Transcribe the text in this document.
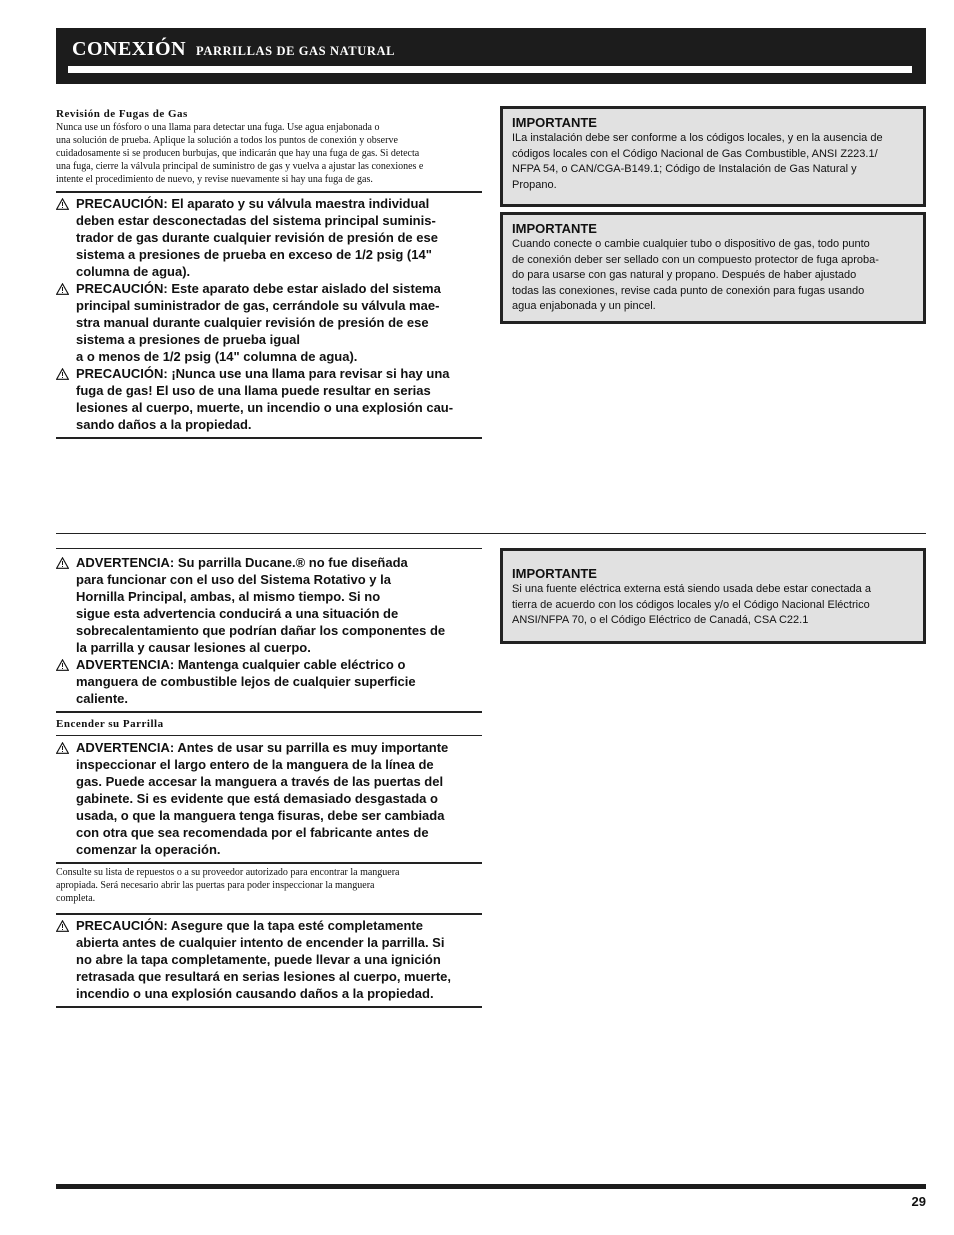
CONEXIÓN PARRILLAS DE GAS NATURAL

Revisión de Fugas de Gas

Nunca use un fósforo o una llama para detectar una fuga. Use agua enjabonada o

una solución de prueba. Aplique la solución a todos los puntos de conexión y observe

cuidadosamente si se producen burbujas, que indicarán que hay una fuga de gas. Si detecta

una fuga, cierre la válvula principal de suministro de gas y vuelva a ajustar las conexiones e

intente el procedimiento de nuevo, y revise nuevamente si hay una fuga de gas.

PRECAUCIÓN: El aparato y su válvula maestra individual
deben estar desconectadas del sistema principal suminis-
trador de gas durante cualquier revisión de presión de ese
sistema a presiones de prueba en exceso de 1/2 psig (14"
columna de agua).
PRECAUCIÓN: Este aparato debe estar aislado del sistema
principal suministrador de gas, cerrándole su válvula mae-
stra manual durante cualquier revisión de presión de ese
sistema a presiones de prueba igual
a o menos de 1/2 psig (14" columna de agua).
PRECAUCIÓN: ¡Nunca use una llama para revisar si hay una
fuga de gas! El uso de una llama puede resultar en serias
lesiones al cuerpo, muerte, un incendio o una explosión cau-
sando daños a la propiedad.

IMPORTANTE

ILa instalación debe ser conforme a los códigos locales, y en la ausencia de

códigos locales con el Código Nacional de Gas Combustible, ANSI Z223.1/

NFPA 54, o CAN/CGA-B149.1; Código de Instalación de Gas Natural y

Propano.

IMPORTANTE

Cuando conecte o cambie cualquier tubo o dispositivo de gas, todo punto

de conexión deber ser sellado con un compuesto protector de fuga aproba-

do para usarse con gas natural y propano. Después de haber ajustado

todas las conexiones, revise cada punto de conexión para fugas usando

agua enjabonada y un pincel.

ADVERTENCIA: Su parrilla Ducane.® no fue diseñada
para funcionar con el uso del Sistema Rotativo y la
Hornilla Principal, ambas, al mismo tiempo. Si no
sigue esta advertencia conducirá a una situación de
sobrecalentamiento que podrían dañar los componentes de
la parrilla y causar lesiones al cuerpo.
ADVERTENCIA: Mantenga cualquier cable eléctrico o
manguera de combustible lejos de cualquier superficie
caliente.

Encender su Parrilla

ADVERTENCIA: Antes de usar su parrilla es muy importante
inspeccionar el largo entero de la manguera de la línea de
gas. Puede accesar la manguera a través de las puertas del
gabinete. Si es evidente que está demasiado desgastada o
usada, o que la manguera tenga fisuras, debe ser cambiada
con otra que sea recomendada por el fabricante antes de
comenzar la operación.

Consulte su lista de repuestos o a su proveedor autorizado para encontrar la manguera

apropiada. Será necesario abrir las puertas para poder inspeccionar la manguera

completa.

PRECAUCIÓN: Asegure que la tapa esté completamente
abierta antes de cualquier intento de encender la parrilla. Si
no abre la tapa completamente, puede llevar a una ignición
retrasada que resultará en serias lesiones al cuerpo, muerte,
incendio o una explosión causando daños a la propiedad.

IMPORTANTE

Si una fuente eléctrica externa está siendo usada debe estar conectada a

tierra de acuerdo con los códigos locales y/o el Código Nacional Eléctrico

ANSI/NFPA 70, o el Código Eléctrico de Canadá, CSA C22.1

29
